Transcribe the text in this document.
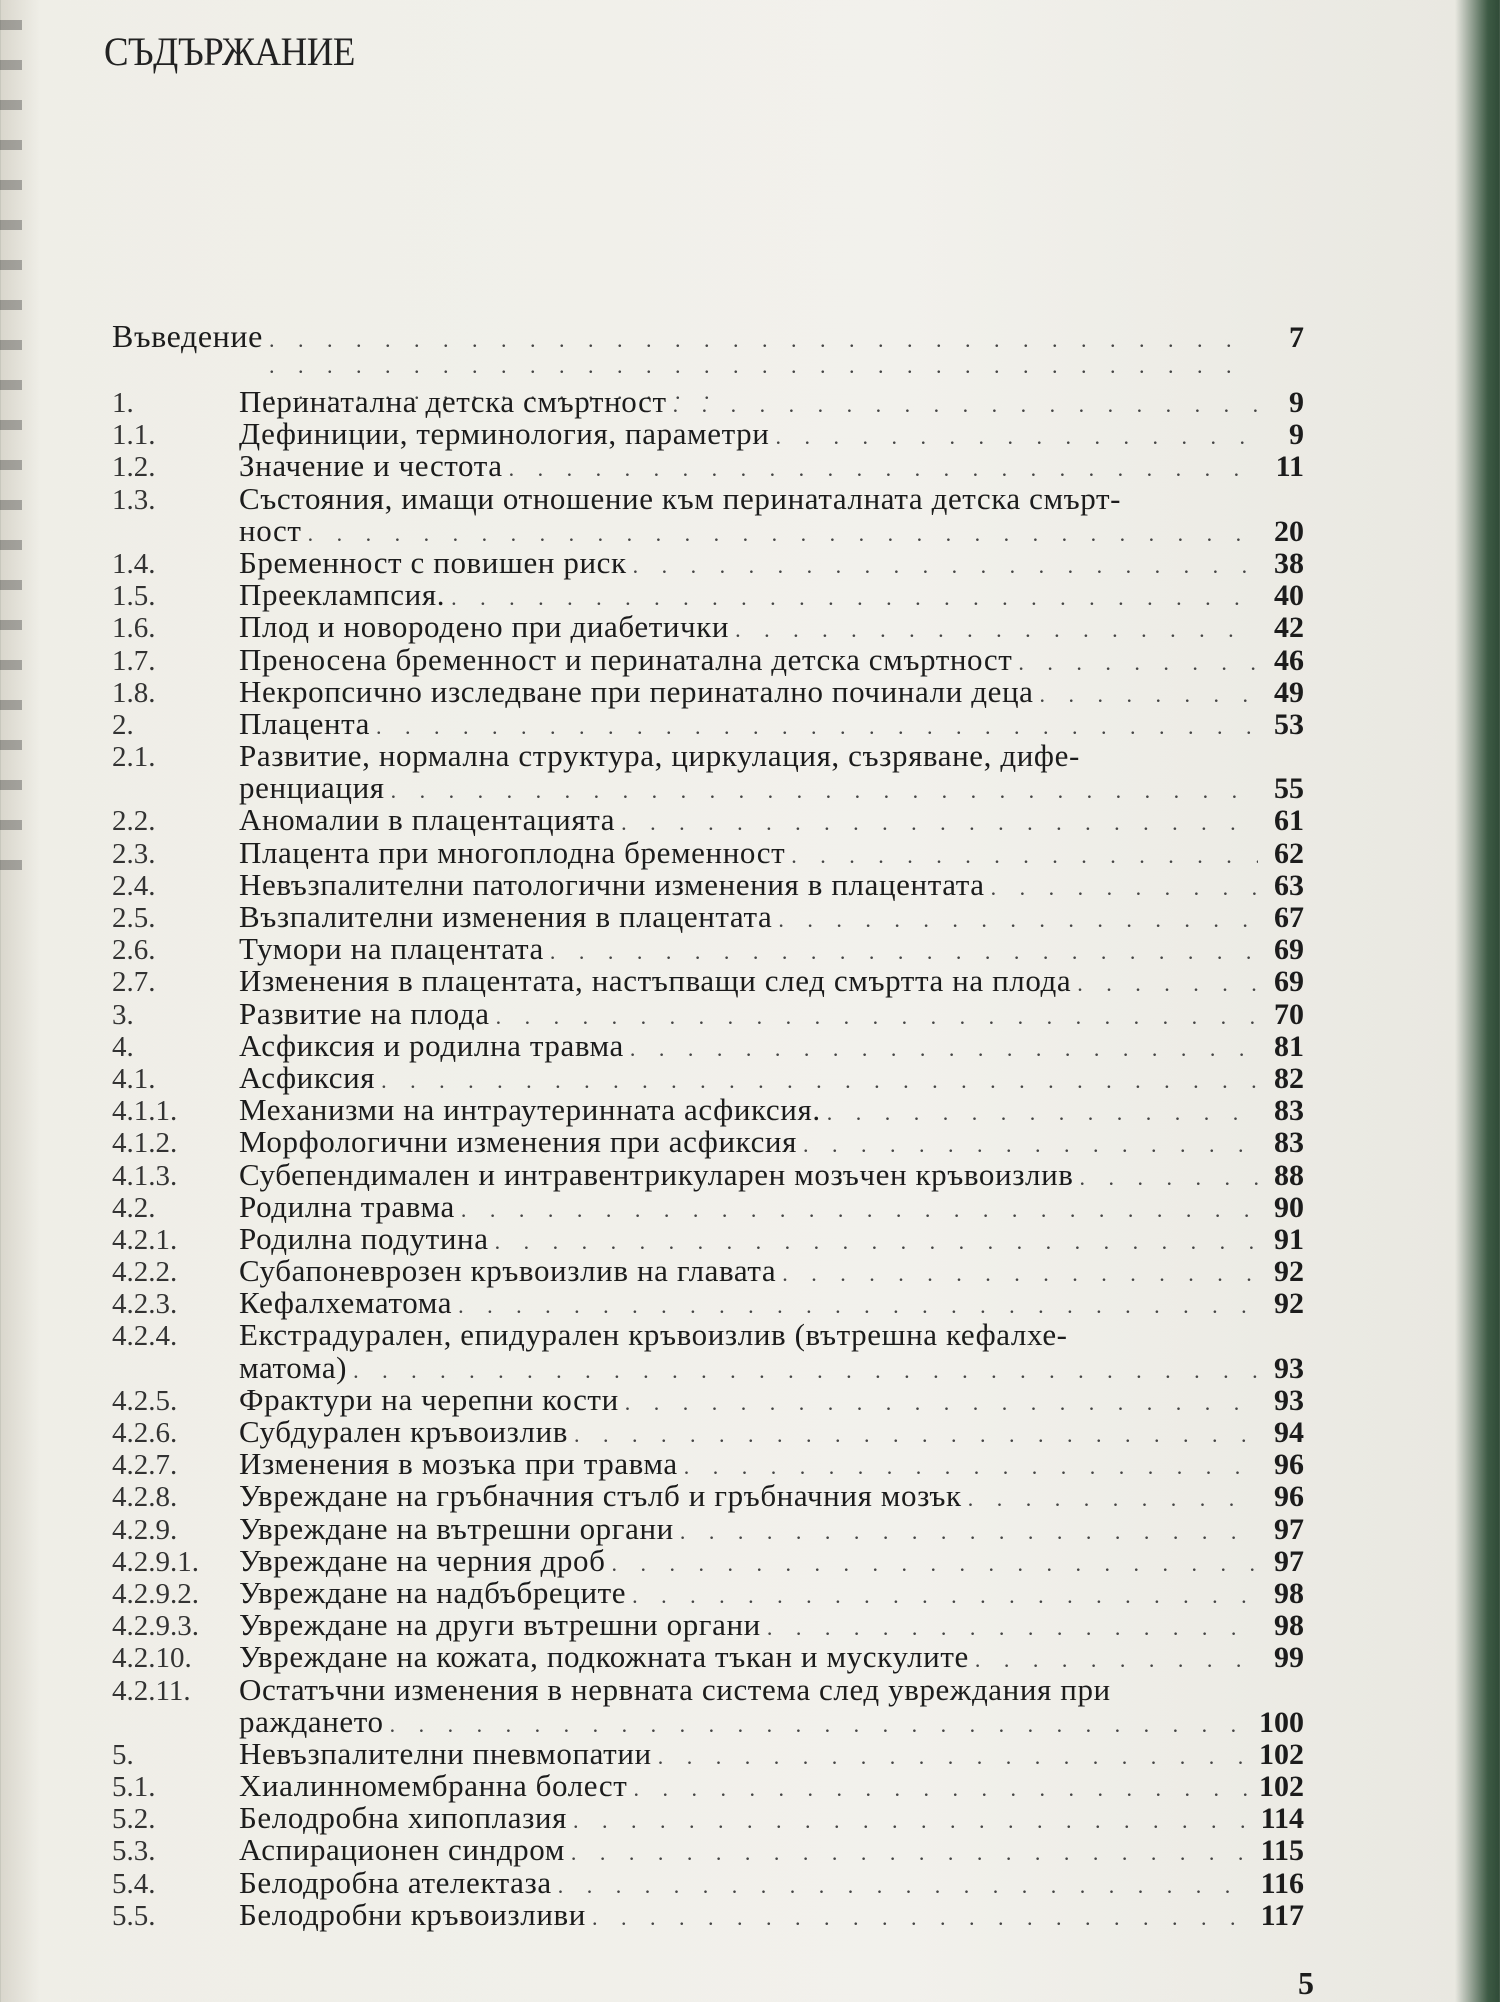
СЪДЪРЖАНИЕ
Въведение . . .	7
1.	Перинатална детска смъртност . . .	9
1.1.	Дефиниции, терминология, параметри . . .	9
1.2.	Значение и честота . . .	11
1.3.	Състояния, имащи отношение към перинаталната детска смърт-
ност . . .	20
1.4.	Бременност с повишен риск . . .	38
1.5.	Прееклампсия. . . .	40
1.6.	Плод и новородено при диабетички . . .	42
1.7.	Преносена бременност и перинатална детска смъртност . . .	46
1.8.	Некропсично изследване при перинатално починали деца . . .	49
2.	Плацента . . .	53
2.1.	Развитие, нормална структура, циркулация, съзряване, дифе-
ренциация . . .	55
2.2.	Аномалии в плацентацията . . .	61
2.3.	Плацента при многоплодна бременност . . .	62
2.4.	Невъзпалителни патологични изменения в плацентата . . .	63
2.5.	Възпалителни изменения в плацентата . . .	67
2.6.	Тумори на плацентата . . .	69
2.7.	Изменения в плацентата, настъпващи след смъртта на плода . . .	69
3.	Развитие на плода . . .	70
4.	Асфиксия и родилна травма . . .	81
4.1.	Асфиксия . . .	82
4.1.1.	Механизми на интраутеринната асфиксия. . . .	83
4.1.2.	Морфологични изменения при асфиксия . . .	83
4.1.3.	Субепендимален и интравентрикуларен мозъчен кръвоизлив . . .	88
4.2.	Родилна травма . . .	90
4.2.1.	Родилна подутина . . .	91
4.2.2.	Субапоневрозен кръвоизлив на главата . . .	92
4.2.3.	Кефалхематома . . .	92
4.2.4.	Екстрадурален, епидурален кръвоизлив (вътрешна кефалхе-
матома) . . .	93
4.2.5.	Фрактури на черепни кости . . .	93
4.2.6.	Субдурален кръвоизлив . . .	94
4.2.7.	Изменения в мозъка при травма . . .	96
4.2.8.	Увреждане на гръбначния стълб и гръбначния мозък . . .	96
4.2.9.	Увреждане на вътрешни органи . . .	97
4.2.9.1.	Увреждане на черния дроб . . .	97
4.2.9.2.	Увреждане на надбъбреците . . .	98
4.2.9.3.	Увреждане на други вътрешни органи . . .	98
4.2.10.	Увреждане на кожата, подкожната тъкан и мускулите . . .	99
4.2.11.	Остатъчни изменения в нервната система след увреждания при
раждането . . .	100
5.	Невъзпалителни пневмопатии . . .	102
5.1.	Хиалинномембранна болест . . .	102
5.2.	Белодробна хипоплазия . . .	114
5.3.	Аспирационен синдром . . .	115
5.4.	Белодробна ателектаза . . .	116
5.5.	Белодробни кръвоизливи . . .	117
5
